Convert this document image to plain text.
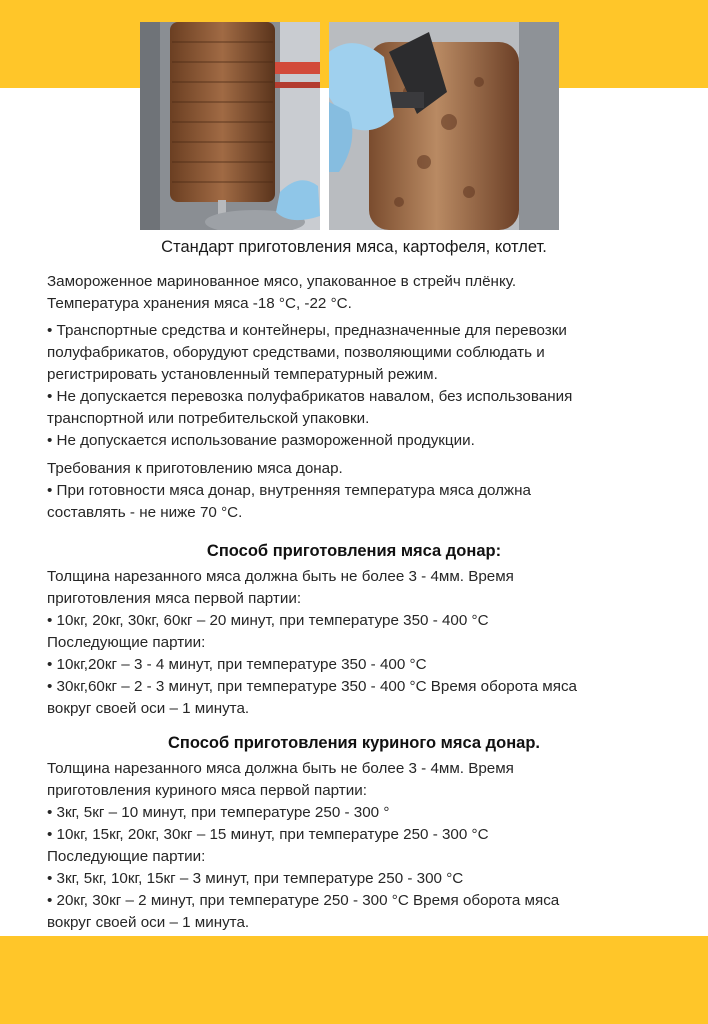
Стандарт приготовления мяса, картофеля, котлет.
Замороженное маринованное мясо, упакованное в стрейч плёнку.
Температура хранения мяса -18 °C, -22 °C.
• Транспортные средства и контейнеры, предназначенные для перевозки
полуфабрикатов, оборудуют средствами, позволяющими соблюдать и
регистрировать установленный температурный режим.
• Не допускается перевозка полуфабрикатов навалом, без использования
транспортной или потребительской упаковки.
• Не допускается использование размороженной продукции.
Требования к приготовлению мяса донар.
• При готовности мяса донар, внутренняя температура мяса должна
составлять - не ниже 70 °C.
Способ приготовления мяса донар:
Толщина нарезанного мяса должна быть не более 3 - 4мм. Время
приготовления мяса первой партии:
• 10кг, 20кг, 30кг, 60кг – 20 минут, при температуре 350 - 400 °C
Последующие партии:
• 10кг,20кг – 3 - 4 минут, при температуре 350 - 400 °C
• 30кг,60кг – 2 - 3 минут, при температуре 350 - 400 °C Время оборота мяса
вокруг своей оси – 1 минута.
Способ приготовления куриного мяса донар.
Толщина нарезанного мяса должна быть не более 3 - 4мм. Время
приготовления куриного мяса первой партии:
• 3кг, 5кг – 10 минут, при температуре 250 - 300 °
• 10кг, 15кг, 20кг, 30кг – 15 минут, при температуре 250 - 300 °C
Последующие партии:
• 3кг, 5кг, 10кг, 15кг – 3 минут, при температуре 250 - 300 °C
• 20кг, 30кг – 2 минут, при температуре 250 - 300 °C Время оборота мяса
вокруг своей оси – 1 минута.
